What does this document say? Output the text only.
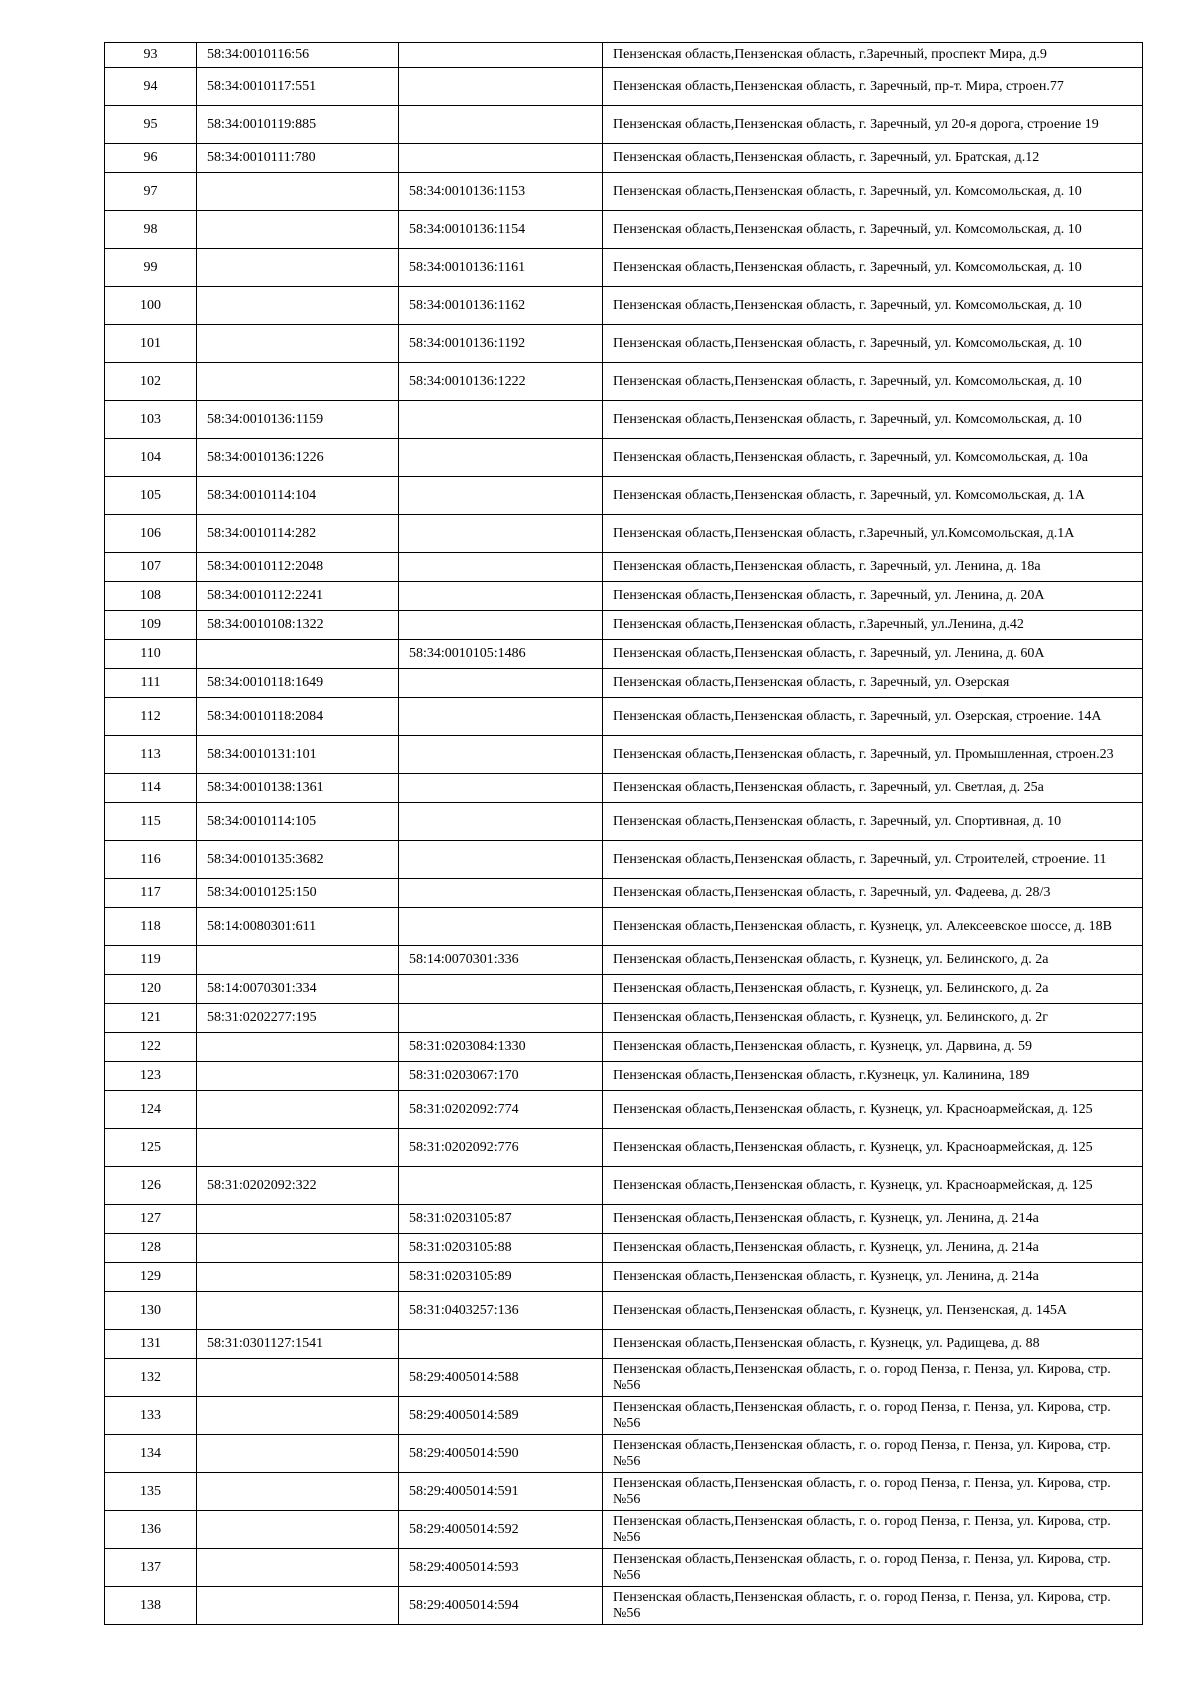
93	58:34:0010116:56		Пензенская область,Пензенская область, г.Заречный, проспект Мира, д.9
94	58:34:0010117:551		Пензенская область,Пензенская область, г. Заречный, пр-т. Мира, строен.77
95	58:34:0010119:885		Пензенская область,Пензенская область, г. Заречный, ул 20-я дорога, строение 19
96	58:34:0010111:780		Пензенская область,Пензенская область, г. Заречный, ул. Братская, д.12
97		58:34:0010136:1153	Пензенская область,Пензенская область, г. Заречный, ул. Комсомольская, д. 10
98		58:34:0010136:1154	Пензенская область,Пензенская область, г. Заречный, ул. Комсомольская, д. 10
99		58:34:0010136:1161	Пензенская область,Пензенская область, г. Заречный, ул. Комсомольская, д. 10
100		58:34:0010136:1162	Пензенская область,Пензенская область, г. Заречный, ул. Комсомольская, д. 10
101		58:34:0010136:1192	Пензенская область,Пензенская область, г. Заречный, ул. Комсомольская, д. 10
102		58:34:0010136:1222	Пензенская область,Пензенская область, г. Заречный, ул. Комсомольская, д. 10
103	58:34:0010136:1159		Пензенская область,Пензенская область, г. Заречный, ул. Комсомольская, д. 10
104	58:34:0010136:1226		Пензенская область,Пензенская область, г. Заречный, ул. Комсомольская, д. 10а
105	58:34:0010114:104		Пензенская область,Пензенская область, г. Заречный, ул. Комсомольская, д. 1А
106	58:34:0010114:282		Пензенская область,Пензенская область, г.Заречный, ул.Комсомольская, д.1А
107	58:34:0010112:2048		Пензенская область,Пензенская область, г. Заречный, ул. Ленина, д. 18а
108	58:34:0010112:2241		Пензенская область,Пензенская область, г. Заречный, ул. Ленина, д. 20А
109	58:34:0010108:1322		Пензенская область,Пензенская область, г.Заречный, ул.Ленина, д.42
110		58:34:0010105:1486	Пензенская область,Пензенская область, г. Заречный, ул. Ленина, д. 60А
111	58:34:0010118:1649		Пензенская область,Пензенская область, г. Заречный, ул. Озерская
112	58:34:0010118:2084		Пензенская область,Пензенская область, г. Заречный, ул. Озерская, строение. 14А
113	58:34:0010131:101		Пензенская область,Пензенская область, г. Заречный, ул. Промышленная, строен.23
114	58:34:0010138:1361		Пензенская область,Пензенская область, г. Заречный, ул. Светлая, д. 25а
115	58:34:0010114:105		Пензенская область,Пензенская область, г. Заречный, ул. Спортивная, д. 10
116	58:34:0010135:3682		Пензенская область,Пензенская область, г. Заречный, ул. Строителей, строение. 11
117	58:34:0010125:150		Пензенская область,Пензенская область, г. Заречный, ул. Фадеева, д. 28/3
118	58:14:0080301:611		Пензенская область,Пензенская область, г. Кузнецк, ул. Алексеевское шоссе, д. 18В
119		58:14:0070301:336	Пензенская область,Пензенская область, г. Кузнецк, ул. Белинского, д. 2а
120	58:14:0070301:334		Пензенская область,Пензенская область, г. Кузнецк, ул. Белинского, д. 2а
121	58:31:0202277:195		Пензенская область,Пензенская область, г. Кузнецк, ул. Белинского, д. 2г
122		58:31:0203084:1330	Пензенская область,Пензенская область, г. Кузнецк, ул. Дарвина, д. 59
123		58:31:0203067:170	Пензенская область,Пензенская область, г.Кузнецк, ул. Калинина, 189
124		58:31:0202092:774	Пензенская область,Пензенская область, г. Кузнецк, ул. Красноармейская, д. 125
125		58:31:0202092:776	Пензенская область,Пензенская область, г. Кузнецк, ул. Красноармейская, д. 125
126	58:31:0202092:322		Пензенская область,Пензенская область, г. Кузнецк, ул. Красноармейская, д. 125
127		58:31:0203105:87	Пензенская область,Пензенская область, г. Кузнецк, ул. Ленина, д. 214а
128		58:31:0203105:88	Пензенская область,Пензенская область, г. Кузнецк, ул. Ленина, д. 214а
129		58:31:0203105:89	Пензенская область,Пензенская область, г. Кузнецк, ул. Ленина, д. 214а
130		58:31:0403257:136	Пензенская область,Пензенская область, г. Кузнецк, ул. Пензенская, д. 145А
131	58:31:0301127:1541		Пензенская область,Пензенская область, г. Кузнецк, ул. Радищева, д. 88
132		58:29:4005014:588	Пензенская область,Пензенская область, г. о. город Пенза, г. Пенза, ул. Кирова, стр. №56
133		58:29:4005014:589	Пензенская область,Пензенская область, г. о. город Пенза, г. Пенза, ул. Кирова, стр. №56
134		58:29:4005014:590	Пензенская область,Пензенская область, г. о. город Пенза, г. Пенза, ул. Кирова, стр. №56
135		58:29:4005014:591	Пензенская область,Пензенская область, г. о. город Пенза, г. Пенза, ул. Кирова, стр. №56
136		58:29:4005014:592	Пензенская область,Пензенская область, г. о. город Пенза, г. Пенза, ул. Кирова, стр. №56
137		58:29:4005014:593	Пензенская область,Пензенская область, г. о. город Пенза, г. Пенза, ул. Кирова, стр. №56
138		58:29:4005014:594	Пензенская область,Пензенская область, г. о. город Пенза, г. Пенза, ул. Кирова, стр. №56
